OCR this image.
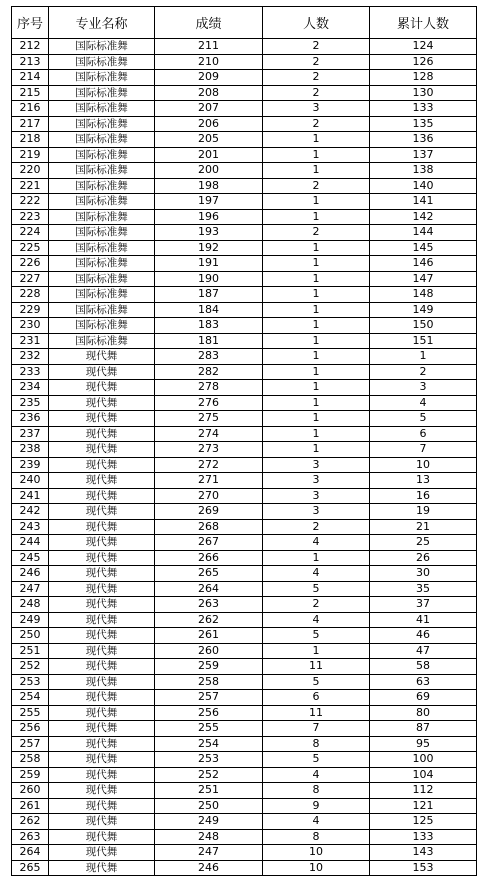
序号	专业名称	成绩	人数	累计人数
212	国际标准舞	211	2	124
213	国际标准舞	210	2	126
214	国际标准舞	209	2	128
215	国际标准舞	208	2	130
216	国际标准舞	207	3	133
217	国际标准舞	206	2	135
218	国际标准舞	205	1	136
219	国际标准舞	201	1	137
220	国际标准舞	200	1	138
221	国际标准舞	198	2	140
222	国际标准舞	197	1	141
223	国际标准舞	196	1	142
224	国际标准舞	193	2	144
225	国际标准舞	192	1	145
226	国际标准舞	191	1	146
227	国际标准舞	190	1	147
228	国际标准舞	187	1	148
229	国际标准舞	184	1	149
230	国际标准舞	183	1	150
231	国际标准舞	181	1	151
232	现代舞	283	1	1
233	现代舞	282	1	2
234	现代舞	278	1	3
235	现代舞	276	1	4
236	现代舞	275	1	5
237	现代舞	274	1	6
238	现代舞	273	1	7
239	现代舞	272	3	10
240	现代舞	271	3	13
241	现代舞	270	3	16
242	现代舞	269	3	19
243	现代舞	268	2	21
244	现代舞	267	4	25
245	现代舞	266	1	26
246	现代舞	265	4	30
247	现代舞	264	5	35
248	现代舞	263	2	37
249	现代舞	262	4	41
250	现代舞	261	5	46
251	现代舞	260	1	47
252	现代舞	259	11	58
253	现代舞	258	5	63
254	现代舞	257	6	69
255	现代舞	256	11	80
256	现代舞	255	7	87
257	现代舞	254	8	95
258	现代舞	253	5	100
259	现代舞	252	4	104
260	现代舞	251	8	112
261	现代舞	250	9	121
262	现代舞	249	4	125
263	现代舞	248	8	133
264	现代舞	247	10	143
265	现代舞	246	10	153
